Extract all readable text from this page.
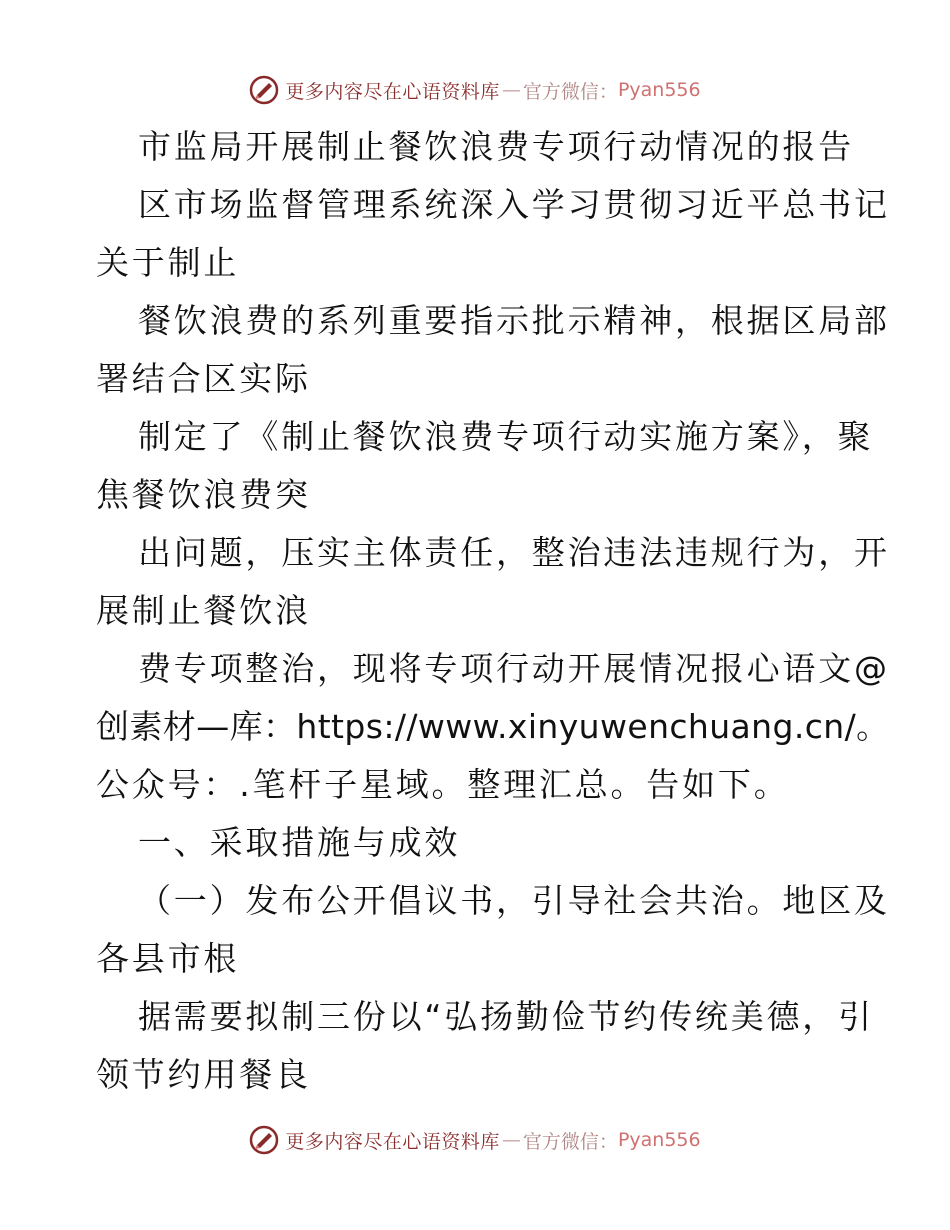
更多内容尽在心语资料库 — 官方微信： Pyan556
市监局开展制止餐饮浪费专项行动情况的报告
区市场监督管理系统深入学习贯彻习近平总书记
关于制止
餐饮浪费的系列重要指示批示精神，根据区局部
署结合区实际
制定了《制止餐饮浪费专项行动实施方案》，聚
焦餐饮浪费突
出问题，压实主体责任，整治违法违规行为，开
展制止餐饮浪
费专项整治，现将专项行动开展情况报心语文@
创素材—库：https://www.xinyuwenchuang.cn/。
公众号：.笔杆子星域。整理汇总。告如下。
一、采取措施与成效
（一）发布公开倡议书，引导社会共治。地区及
各县市根
据需要拟制三份以“弘扬勤俭节约传统美德，引
领节约用餐良
更多内容尽在心语资料库 — 官方微信： Pyan556
